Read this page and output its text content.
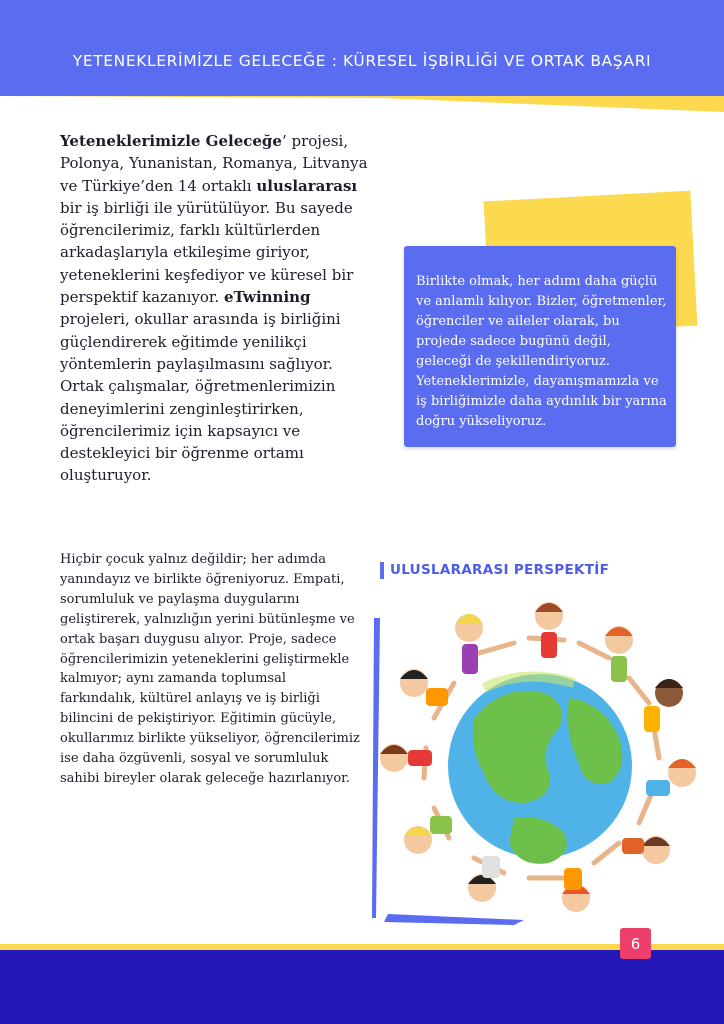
YETENEKLERİMİZLE GELECEĞE : KÜRESEL İŞBİRLİĞİ VE ORTAK BAŞARI
Yeteneklerimizle Geleceğe’ projesi, Polonya, Yunanistan, Romanya, Litvanya ve Türkiye’den 14 ortaklı uluslararası bir iş birliği ile yürütülüyor. Bu sayede öğrencilerimiz, farklı kültürlerden arkadaşlarıyla etkileşime giriyor, yeteneklerini keşfediyor ve küresel bir perspektif kazanıyor. eTwinning projeleri, okullar arasında iş birliğini güçlendirerek eğitimde yenilikçi yöntemlerin paylaşılmasını sağlıyor. Ortak çalışmalar, öğretmenlerimizin deneyimlerini zenginleştirirken, öğrencilerimiz için kapsayıcı ve destekleyici bir öğrenme ortamı oluşturuyor.
Birlikte olmak, her adımı daha güçlü ve anlamlı kılıyor. Bizler, öğretmenler, öğrenciler ve aileler olarak, bu projede sadece bugünü değil, geleceği de şekillendiriyoruz. Yeteneklerimizle, dayanışmamızla ve iş birliğimizle daha aydınlık bir yarına doğru yükseliyoruz.
Hiçbir çocuk yalnız değildir; her adımda yanındayız ve birlikte öğreniyoruz. Empati, sorumluluk ve paylaşma duygularını geliştirerek, yalnızlığın yerini bütünleşme ve ortak başarı duygusu alıyor. Proje, sadece öğrencilerimizin yeteneklerini geliştirmekle kalmıyor; aynı zamanda toplumsal farkındalık, kültürel anlayış ve iş birliği bilincini de pekiştiriyor. Eğitimin gücüyle, okullarımız birlikte yükseliyor, öğrencilerimiz ise daha özgüvenli, sosyal ve sorumluluk sahibi bireyler olarak geleceğe hazırlanıyor.
ULUSLARARASI PERSPEKTİF
6
